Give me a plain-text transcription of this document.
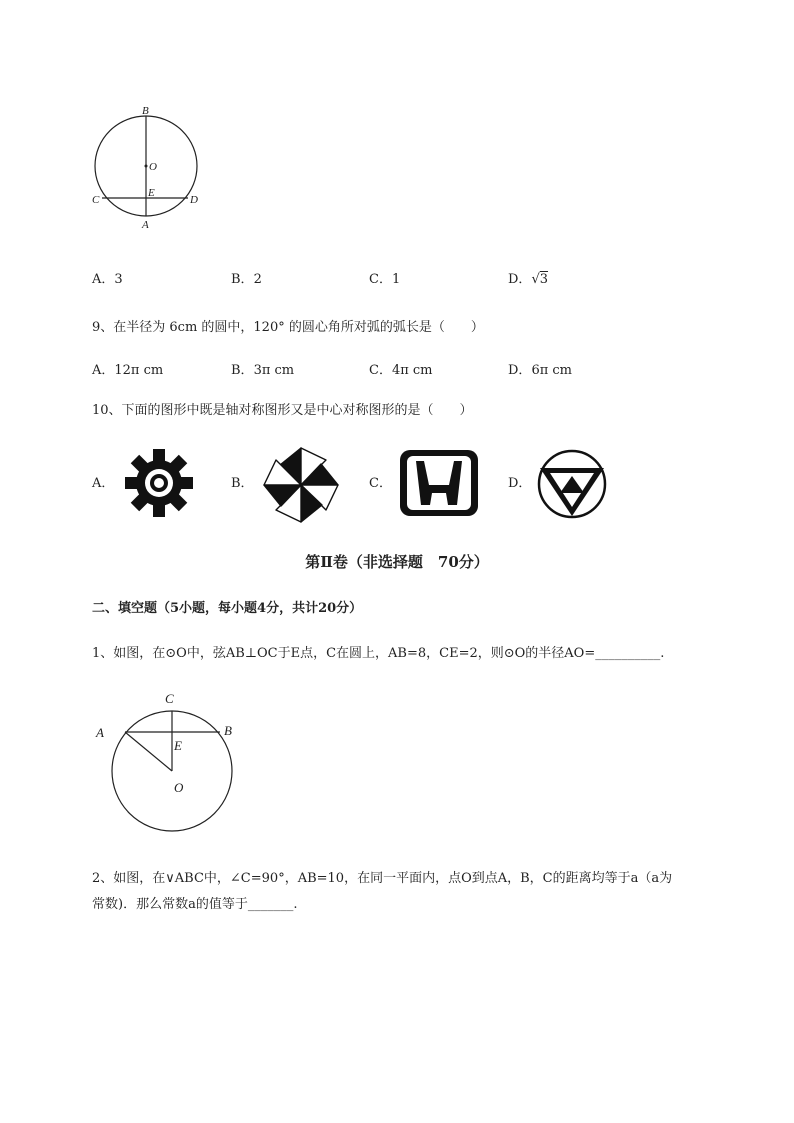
B
O
E
C	D
A
A．3	B．2	C．1	D．√3
9、在半径为 6cm 的圆中，120° 的圆心角所对弧的弧长是（　　）
A．12π cm	B．3π cm	C．4π cm	D．6π cm
10、下面的图形中既是轴对称图形又是中心对称图形的是（　　）
A．	B．	C．	D．
第Ⅱ卷（非选择题　70分）
二、填空题（5小题，每小题4分，共计20分）
1、如图，在⊙O中，弦AB⊥OC于E点，C在圆上，AB=8，CE=2，则⊙O的半径AO=__________.
C
A	B
E
O
2、如图，在∨ABC中，∠C=90°，AB=10，在同一平面内，点O到点A，B，C的距离均等于a（a为
常数)．那么常数a的值等于_______.
